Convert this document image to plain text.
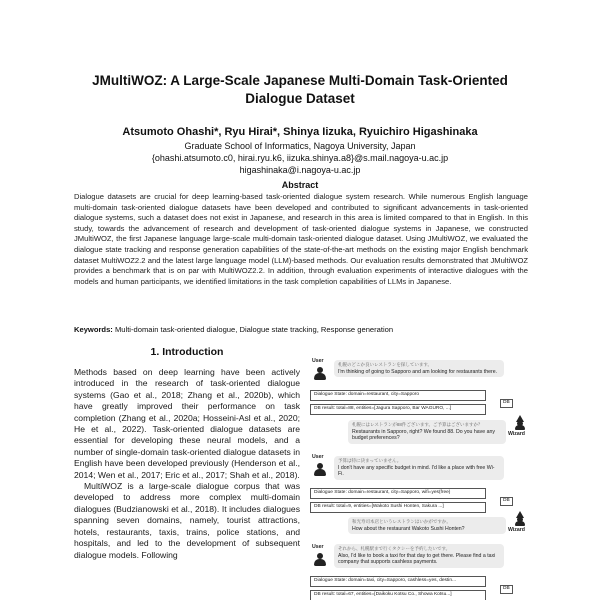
JMultiWOZ: A Large-Scale Japanese Multi-Domain Task-Oriented
Dialogue Dataset
Atsumoto Ohashi*, Ryu Hirai*, Shinya Iizuka, Ryuichiro Higashinaka
Graduate School of Informatics, Nagoya University, Japan
{ohashi.atsumoto.c0, hirai.ryu.k6, iizuka.shinya.a8}@s.mail.nagoya-u.ac.jp
higashinaka@i.nagoya-u.ac.jp
Abstract
Dialogue datasets are crucial for deep learning-based task-oriented dialogue system research. While numerous English language multi-domain task-oriented dialogue datasets have been developed and contributed to significant advancements in task-oriented dialogue systems, such a dataset does not exist in Japanese, and research in this area is limited compared to that in English. In this study, towards the advancement of research and development of task-oriented dialogue systems in Japanese, we constructed JMultiWOZ, the first Japanese language large-scale multi-domain task-oriented dialogue dataset. Using JMultiWOZ, we evaluated the dialogue state tracking and response generation capabilities of the state-of-the-art methods on the existing major English benchmark dataset MultiWOZ2.2 and the latest large language model (LLM)-based methods. Our evaluation results demonstrated that JMultiWOZ provides a benchmark that is on par with MultiWOZ2.2. In addition, through evaluation experiments of interactive dialogues with the models and human participants, we identified limitations in the task completion capabilities of LLMs in Japanese.
Keywords: Multi-domain task-oriented dialogue, Dialogue state tracking, Response generation
1. Introduction

Methods based on deep learning have been actively introduced in the research of task-oriented dialogue systems (Gao et al., 2018; Zhang et al., 2020b), which have greatly improved their performance on task completion (Zhang et al., 2020a; Hosseini-Asl et al., 2020; He et al., 2022). Task-oriented dialogue datasets are essential for developing these neural models, and a number of single-domain task-oriented dialogue datasets in English have been developed previously (Henderson et al., 2014; Wen et al., 2017; Eric et al., 2017; Shah et al., 2018).

MultiWOZ is a large-scale dialogue corpus that was developed to address more complex multi-domain dialogues (Budzianowski et al., 2018). It includes dialogues spanning seven domains, namely, tourist attractions, hotels, restaurants, taxis, trains, police stations, and hospitals, and led to the development of subsequent dialogue models. Following

User
札幌のどこか良いレストランを探しています。
I'm thinking of going to Sapporo and am looking for restaurants there.
Dialogue State: domain=restaurant, city=Sapporo
DB result: total=88, entities=[Jagura Sapporo, Bar WAGURO, ...]
DB
札幌にはレストランが88件ございます。ご予算はございますか？
Restaurants in Sapporo, right? We found 88. Do you have any budget preferences?
Wizard
User
予算は特に決まっていません。
I don't have any specific budget in mind. I'd like a place with free Wi-Fi.
Dialogue State: domain=restaurant, city=Sapporo, wifi=yes(free)
DB result: total=9, entities=[Wakoto Sushi Honten, Sakura ...]
DB
和光寿司本店というレストランはいかがですか。
How about the restaurant Wakoto Sushi Honten?	Wizard
User	それから、札幌駅まで行くタクシーを予約したいです。
Also, I'd like to book a taxi for that day to get there. Please find a taxi company that supports cashless payments.
Dialogue State: domain=taxi, city=Sapporo, cashless=yes, destin...
DB result: total=67, entities=[Daikoku Kotsu Co., Showa Kotsu...]
DB
